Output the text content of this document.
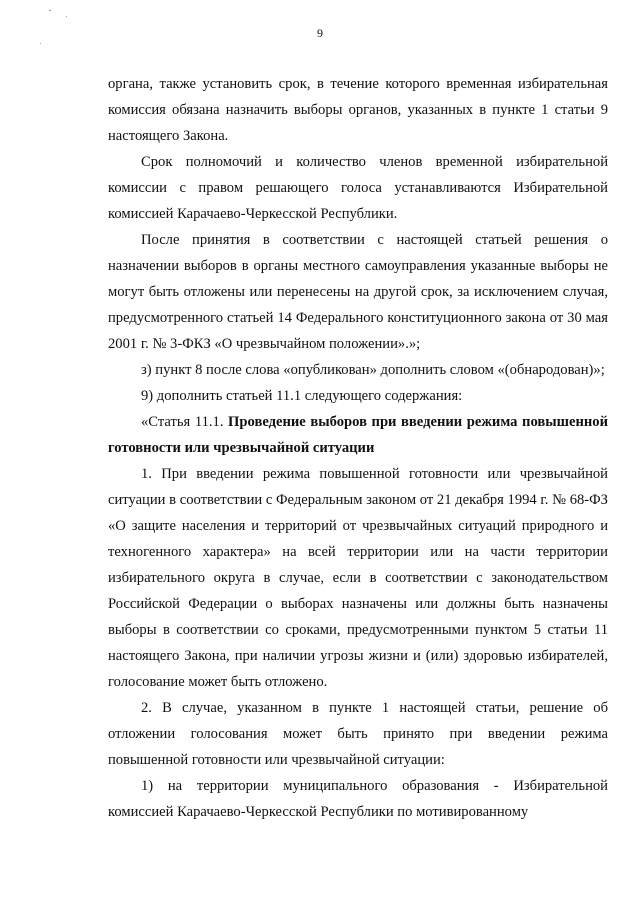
9

органа, также установить срок, в течение которого временная избирательная комиссия обязана назначить выборы органов, указанных в пункте 1 статьи 9 настоящего Закона.

Срок полномочий и количество членов временной избирательной комиссии с правом решающего голоса устанавливаются Избирательной комиссией Карачаево-Черкесской Республики.

После принятия в соответствии с настоящей статьей решения о назначении выборов в органы местного самоуправления указанные выборы не могут быть отложены или перенесены на другой срок, за исключением случая, предусмотренного статьей 14 Федерального конституционного закона от 30 мая 2001 г. № 3-ФКЗ «О чрезвычайном положении».»;

з) пункт 8 после слова «опубликован» дополнить словом «(обнародован)»;

9) дополнить статьей 11.1 следующего содержания:

«Статья 11.1. Проведение выборов при введении режима повышенной готовности или чрезвычайной ситуации

1. При введении режима повышенной готовности или чрезвычайной ситуации в соответствии с Федеральным законом от 21 декабря 1994 г. № 68-ФЗ «О защите населения и территорий от чрезвычайных ситуаций природного и техногенного характера» на всей территории или на части территории избирательного округа в случае, если в соответствии с законодательством Российской Федерации о выборах назначены или должны быть назначены выборы в соответствии со сроками, предусмотренными пунктом 5 статьи 11 настоящего Закона, при наличии угрозы жизни и (или) здоровью избирателей, голосование может быть отложено.

2. В случае, указанном в пункте 1 настоящей статьи, решение об отложении голосования может быть принято при введении режима повышенной готовности или чрезвычайной ситуации:

1) на территории муниципального образования - Избирательной комиссией Карачаево-Черкесской Республики по мотивированному
